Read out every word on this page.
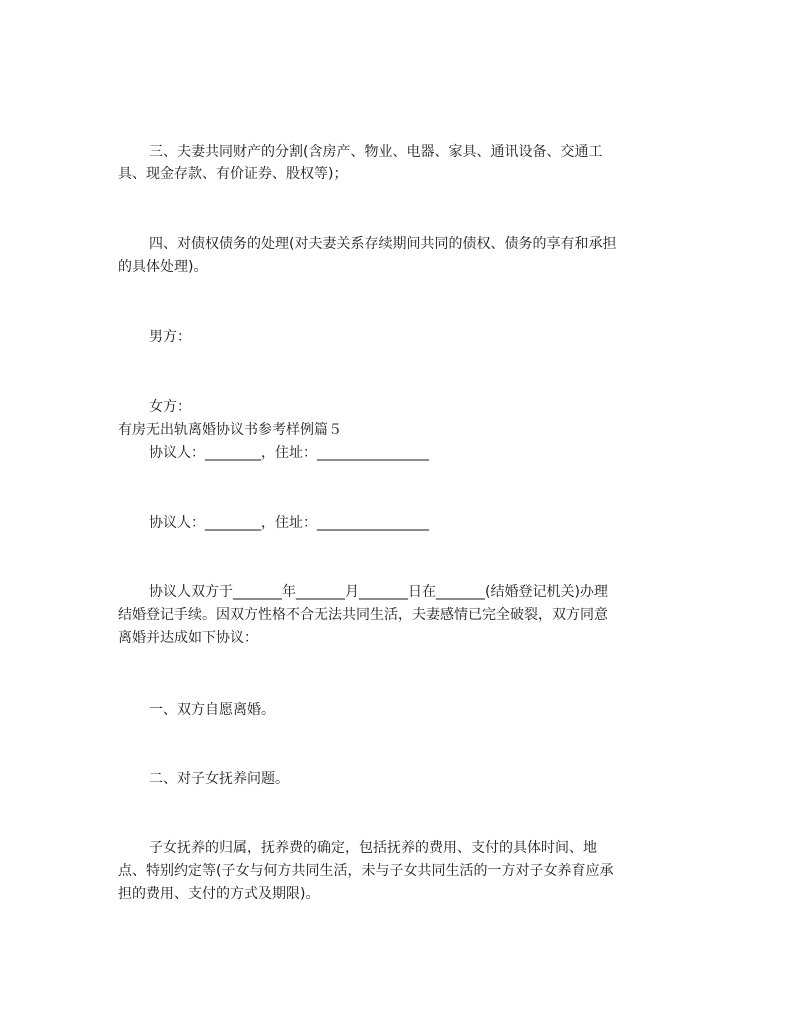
三、夫妻共同财产的分割(含房产、物业、电器、家具、通讯设备、交通工

具、现金存款、有价证券、股权等)；

四、对债权债务的处理(对夫妻关系存续期间共同的债权、债务的享有和承担

的具体处理)。

男方：

女方：

有房无出轨离婚协议书参考样例篇５

协议人：________，住址：________________

协议人：________，住址：________________

协议人双方于_______年_______月_______日在_______(结婚登记机关)办理

结婚登记手续。因双方性格不合无法共同生活，夫妻感情已完全破裂，双方同意

离婚并达成如下协议：

一、双方自愿离婚。

二、对子女抚养问题。

子女抚养的归属，抚养费的确定，包括抚养的费用、支付的具体时间、地

点、特别约定等(子女与何方共同生活，未与子女共同生活的一方对子女养育应承

担的费用、支付的方式及期限)。
